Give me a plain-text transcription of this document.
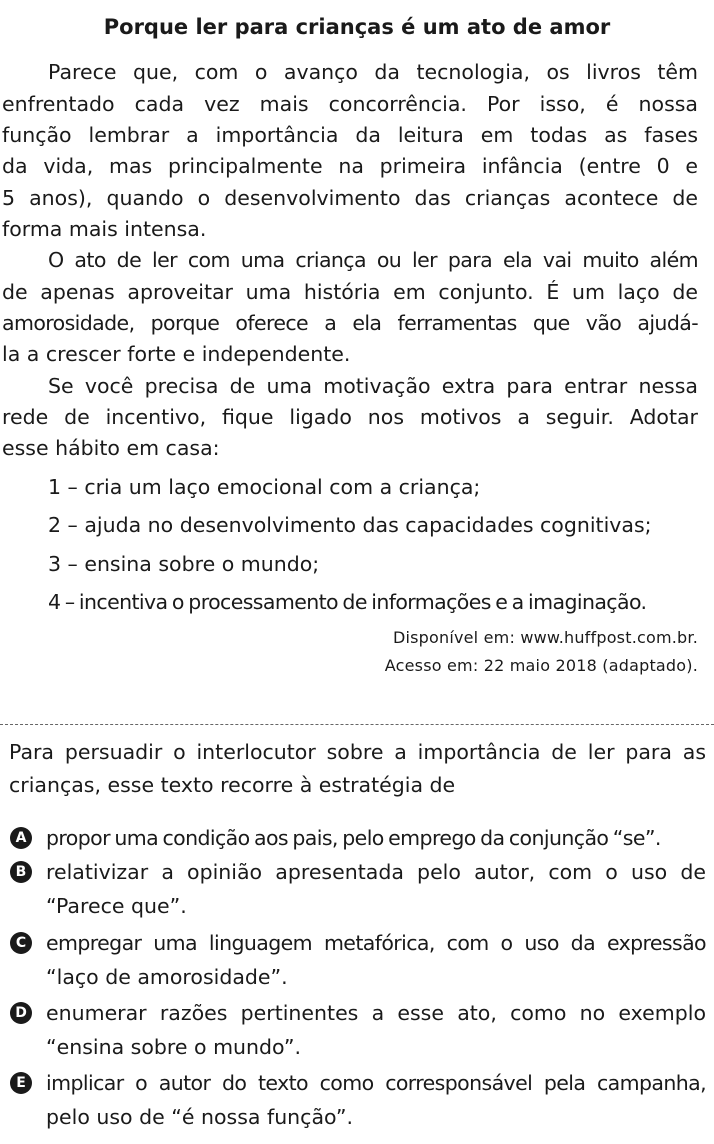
Porque ler para crianças é um ato de amor

Parece que, com o avanço da tecnologia, os livros têm

enfrentado cada vez mais concorrência. Por isso, é nossa

função lembrar a importância da leitura em todas as fases

da vida, mas principalmente na primeira infância (entre 0 e

5 anos), quando o desenvolvimento das crianças acontece de

forma mais intensa.

O ato de ler com uma criança ou ler para ela vai muito além

de apenas aproveitar uma história em conjunto. É um laço de

amorosidade, porque oferece a ela ferramentas que vão ajudá-

la a crescer forte e independente.

Se você precisa de uma motivação extra para entrar nessa

rede de incentivo, fique ligado nos motivos a seguir. Adotar

esse hábito em casa:

1 – cria um laço emocional com a criança;

2 – ajuda no desenvolvimento das capacidades cognitivas;

3 – ensina sobre o mundo;

4 – incentiva o processamento de informações e a imaginação.

Disponível em: www.huffpost.com.br.
Acesso em: 22 maio 2018 (adaptado).
Para persuadir o interlocutor sobre a importância de ler para as
crianças, esse texto recorre à estratégia de
A propor uma condição aos pais, pelo emprego da conjunção “se”.

B relativizar a opinião apresentada pelo autor, com o uso de

“Parece que”.

C empregar uma linguagem metafórica, com o uso da expressão

“laço de amorosidade”.

D enumerar razões pertinentes a esse ato, como no exemplo

“ensina sobre o mundo”.

E implicar o autor do texto como corresponsável pela campanha,

pelo uso de “é nossa função”.
